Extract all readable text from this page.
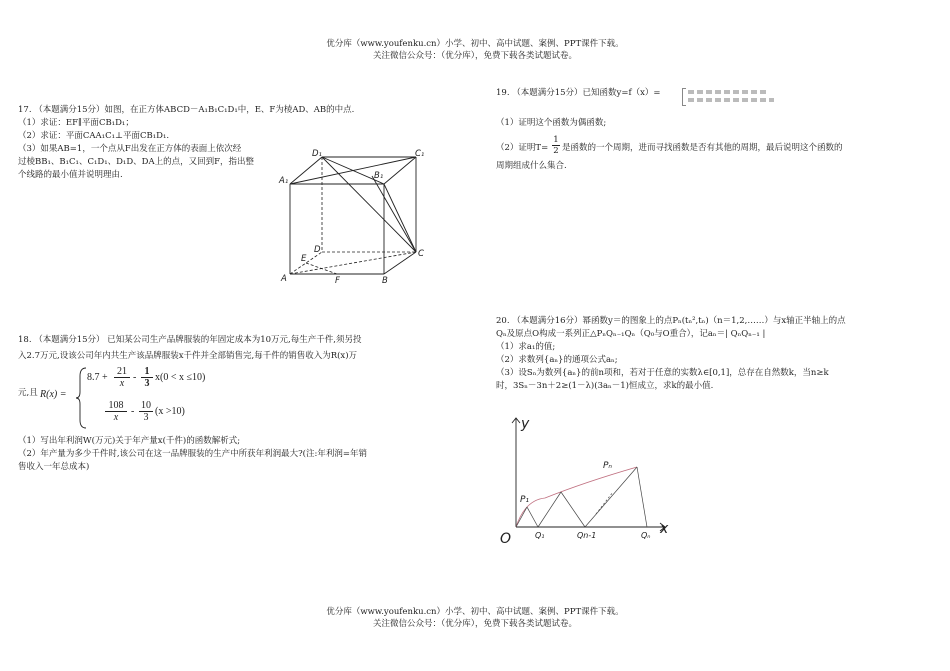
优分库（www.youfenku.cn）小学、初中、高中试题、案例、PPT课件下载。
关注微信公众号：（优分库），免费下载各类试题试卷。
17. （本题满分15分）如图，在正方体ABCD－A₁B₁C₁D₁中，E、F为棱AD、AB的中点.
（1）求证：EF∥平面CB₁D₁；
（2）求证：平面CAA₁C₁⊥平面CB₁D₁.
（3）如果AB=1，一个点从F出发在正方体的表面上依次经
过棱BB₁、B₁C₁、C₁D₁、D₁D、DA上的点，又回到F，指出整
个线路的最小值并说明理由.
D₁	C₁
A₁	B₁
D	C
E
A	F	B
18. （本题满分15分） 已知某公司生产品牌服装的年固定成本为10万元,每生产千件,须另投
入2.7万元,设该公司年内共生产该品牌服装x千件并全部销售完,每千件的销售收入为R(x)万
元,且 R(x) =
$8.7 + \frac{21}{x}$ -
1
3
x(0 < x ≤10)
$\frac{108}{x}$ -
10
3
(x >10)
（1）写出年利润W(万元)关于年产量x(千件)的函数解析式;
（2）年产量为多少千件时,该公司在这一品牌服装的生产中所获年利润最大?(注:年利润=年销
售收入一年总成本)
19. （本题满分15分）已知函数y=f（x）=
（1）证明这个函数为偶函数;
（2）证明$T= \frac{1}{2}$ 是函数的一个周期，进而寻找函数是否有其他的周期，最后说明这个函数的
周期组成什么集合.
20. （本题满分16分）幂函数y＝的图象上的点Pₙ(tₙ²,tₙ)（n＝1,2,……）与x轴正半轴上的点
Qₙ及原点O构成一系列正△PₙQₙ₋₁Qₙ（Q₀与O重合），记aₙ＝| QₙQₙ₋₁ |
（1）求a₁的值;
（2）求数列{aₙ}的通项公式aₙ;
（3）设Sₙ为数列{aₙ}的前n项和，若对于任意的实数λ∈[0,1]，总存在自然数k，当n≥k
时，3Sₙ－3n＋2≥(1－λ)(3aₙ－1)恒成立，求k的最小值.
y
x
O
P₁
Pₙ
Q₁	Qn-1	Qₙ
优分库（www.youfenku.cn）小学、初中、高中试题、案例、PPT课件下载。
关注微信公众号：（优分库），免费下载各类试题试卷。
